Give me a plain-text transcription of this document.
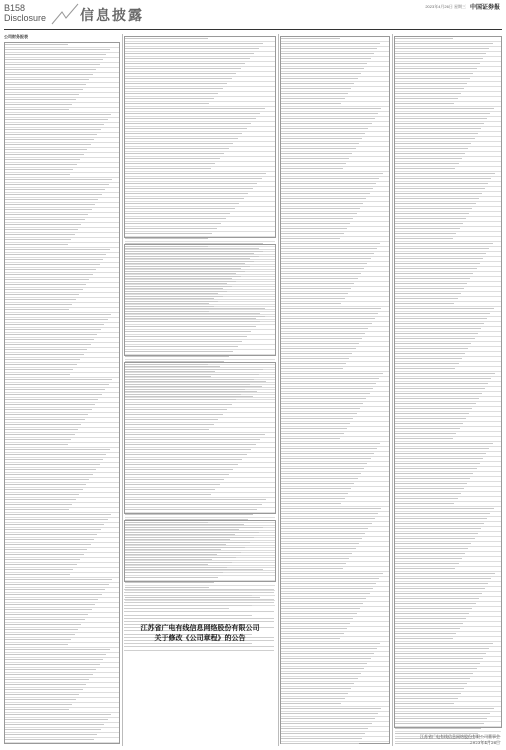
B158
Disclosure 信息披露
2023年4月26日 星期三 中国证券报
公司财务报表
江苏省广电有线信息网络股份有限公司
关于修改《公司章程》的公告
江苏省广电有线信息网络股份有限公司董事会
2023年4月26日
